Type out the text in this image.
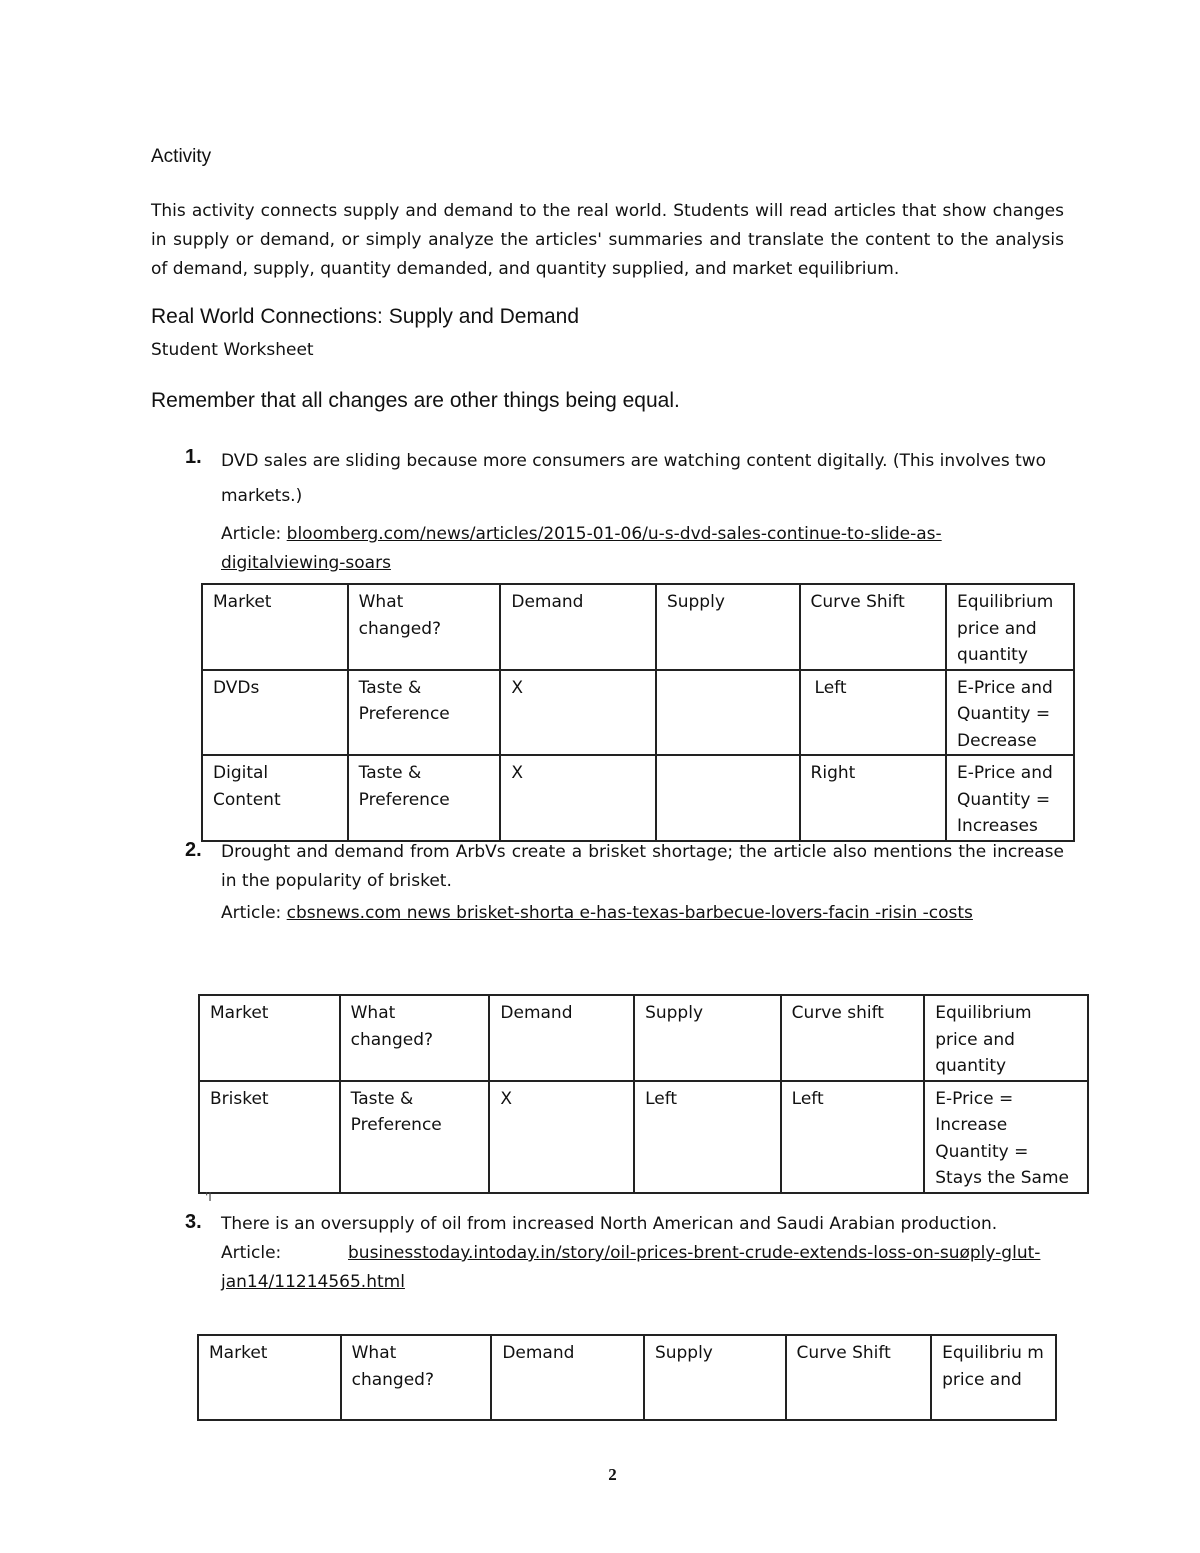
Activity
This activity connects supply and demand to the real world. Students will read articles that show changes in supply or demand, or simply analyze the articles' summaries and translate the content to the analysis of demand, supply, quantity demanded, and quantity supplied, and market equilibrium.
Real World Connections: Supply and Demand
Student Worksheet
Remember that all changes are other things being equal.
1. DVD sales are sliding because more consumers are watching content digitally. (This involves two
markets.)
Article: bloomberg.com/news/articles/2015-01-06/u-s-dvd-sales-continue-to-slide-as-
digitalviewing-soars
Market	What changed?	Demand	Supply	Curve Shift	Equilibrium price and quantity
DVDs	Taste & Preference	X		Left	E-Price and Quantity = Decrease
Digital Content	Taste & Preference	X		Right	E-Price and Quantity = Increases
2. Drought and demand from ArbVs create a brisket shortage; the article also mentions the increase in the popularity of brisket.
Article: cbsnews.com news brisket-shorta e-has-texas-barbecue-lovers-facin -risin -costs
Market	What changed?	Demand	Supply	Curve shift	Equilibrium price and quantity
Brisket	Taste & Preference	X	Left	Left	E-Price = Increase Quantity = Stays the Same
'I
3. There is an oversupply of oil from increased North American and Saudi Arabian production.
Article:	businesstoday.intoday.in/story/oil-prices-brent-crude-extends-loss-on-suøply-glut-
jan14/11214565.html
Market	What changed?	Demand	Supply	Curve Shift	Equilibriu m price and
2
